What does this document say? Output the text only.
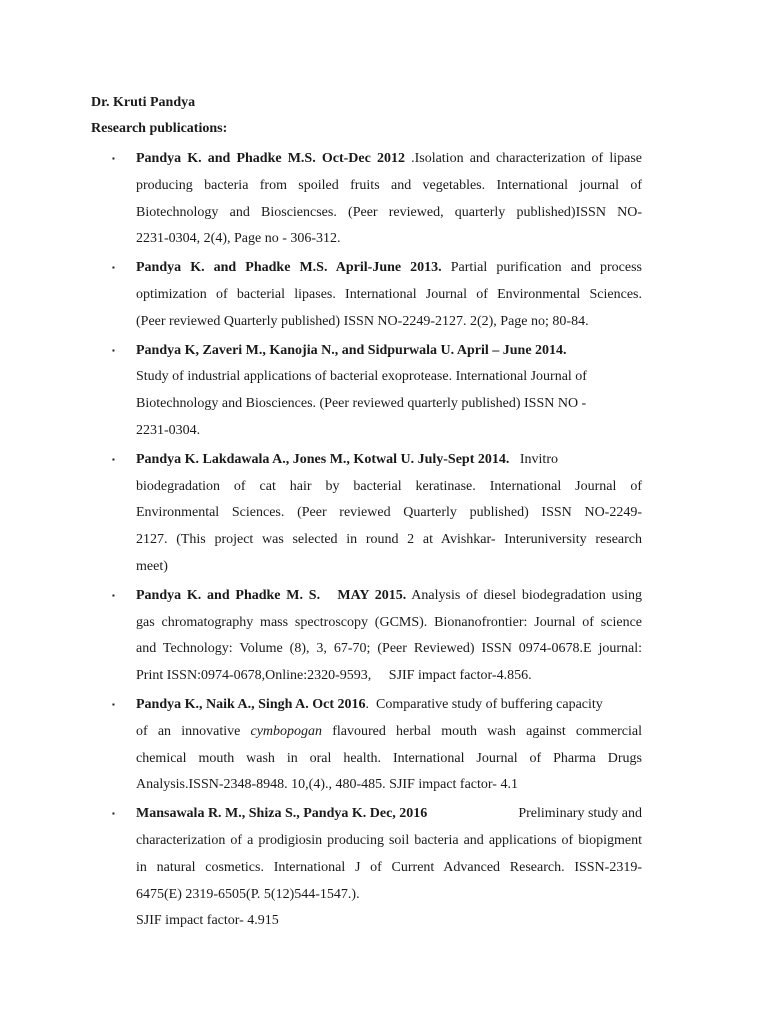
Dr. Kruti Pandya
Research publications:
▪ Pandya K. and Phadke M.S. Oct-Dec 2012 .Isolation and characterization of lipase
producing bacteria from spoiled fruits and vegetables. International journal of
Biotechnology and Biosciencses. (Peer reviewed, quarterly published)ISSN NO-
2231-0304, 2(4), Page no - 306-312.
▪ Pandya K. and Phadke M.S. April-June 2013. Partial purification and process
optimization of bacterial lipases. International Journal of Environmental Sciences.
(Peer reviewed Quarterly published) ISSN NO-2249-2127. 2(2), Page no; 80-84.
▪ Pandya K, Zaveri M., Kanojia N., and Sidpurwala U. April – June 2014.
Study of industrial applications of bacterial exoprotease. International Journal of
Biotechnology and Biosciences. (Peer reviewed quarterly published) ISSN NO -
2231-0304.
▪ Pandya K. Lakdawala A., Jones M., Kotwal U. July-Sept 2014.   Invitro
biodegradation of cat hair by bacterial keratinase. International Journal of
Environmental Sciences. (Peer reviewed Quarterly published) ISSN NO-2249-
2127. (This project was selected in round 2 at Avishkar- Interuniversity research
meet)
▪ Pandya K. and Phadke M. S.   MAY 2015. Analysis of diesel biodegradation using
gas chromatography mass spectroscopy (GCMS). Bionanofrontier: Journal of science
and Technology: Volume (8), 3, 67-70; (Peer Reviewed) ISSN 0974-0678.E journal:
Print ISSN:0974-0678,Online:2320-9593,     SJIF impact factor-4.856.
▪ Pandya K., Naik A., Singh A. Oct 2016.  Comparative study of buffering capacity
of an innovative cymbopogan flavoured herbal mouth wash against commercial
chemical mouth wash in oral health. International Journal of Pharma Drugs
Analysis.ISSN-2348-8948. 10,(4)., 480-485. SJIF impact factor- 4.1
▪ Mansawala R. M., Shiza S., Pandya K. Dec, 2016	Preliminary study and
characterization of a prodigiosin producing soil bacteria and applications of biopigment
in natural cosmetics. International J of Current Advanced Research. ISSN-2319-
6475(E) 2319-6505(P. 5(12)544-1547.).
SJIF impact factor- 4.915
